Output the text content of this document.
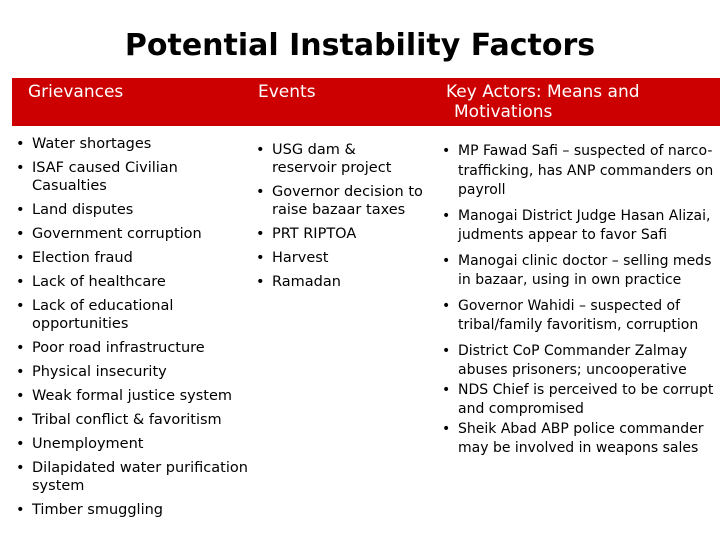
Potential Instability Factors
Grievances	Events	Key Actors: Means and
Motivations
• Water shortages
• ISAF caused Civilian Casualties
• Land disputes
• Government corruption
• Election fraud
• Lack of healthcare
• Lack of educational opportunities
• Poor road infrastructure
• Physical insecurity
• Weak formal justice system
• Tribal conflict & favoritism
• Unemployment
• Dilapidated water purification system
• Timber smuggling
• USG dam & reservoir project
• Governor decision to raise bazaar taxes
• PRT RIPTOA
• Harvest
• Ramadan
• MP Fawad Safi – suspected of narco-trafficking, has ANP commanders on payroll
• Manogai District Judge Hasan Alizai, judments appear to favor Safi
• Manogai clinic doctor – selling meds in bazaar, using in own practice
• Governor Wahidi – suspected of tribal/family favoritism, corruption
• District CoP Commander Zalmay abuses prisoners; uncooperative
• NDS Chief is perceived to be corrupt and compromised
• Sheik Abad ABP police commander may be involved in weapons sales
